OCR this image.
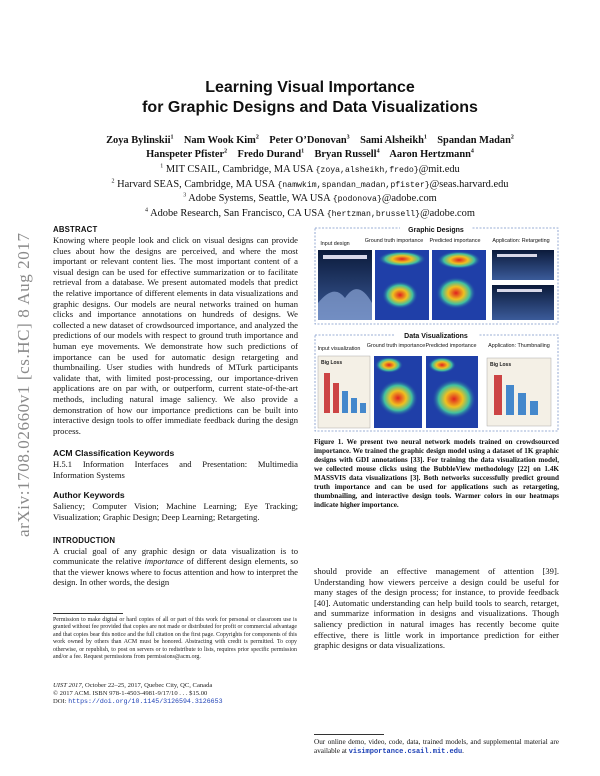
arXiv:1708.02660v1 [cs.HC] 8 Aug 2017
Learning Visual Importance
for Graphic Designs and Data Visualizations
Zoya Bylinskii$^1$ Nam Wook Kim$^2$ Peter O’Donovan$^3$ Sami Alsheikh$^1$ Spandan Madan$^2$
Hanspeter Pfister$^2$ Fredo Durand$^1$ Bryan Russell$^4$ Aaron Hertzmann$^4$
$^1$ MIT CSAIL, Cambridge, MA USA {zoya,alsheikh,fredo}@mit.edu
$^2$ Harvard SEAS, Cambridge, MA USA {namwkim,spandan_madan,pfister}@seas.harvard.edu
$^3$ Adobe Systems, Seattle, WA USA {podonova}@adobe.com
$^4$ Adobe Research, San Francisco, CA USA {hertzman,brussell}@adobe.com
ABSTRACT

Knowing where people look and click on visual designs can provide clues about how the designs are perceived, and where the most important or relevant content lies. The most important content of a visual design can be used for effective summarization or to facilitate retrieval from a database. We present automated models that predict the relative importance of different elements in data visualizations and graphic designs. Our models are neural networks trained on human clicks and importance annotations on hundreds of designs. We collected a new dataset of crowdsourced importance, and analyzed the predictions of our models with respect to ground truth importance and human eye movements. We demonstrate how such predictions of importance can be used for automatic design retargeting and thumbnailing. User studies with hundreds of MTurk participants validate that, with limited post-processing, our importance-driven applications are on par with, or outperform, current state-of-the-art methods, including natural image saliency. We also provide a demonstration of how our importance predictions can be built into interactive design tools to offer immediate feedback during the design process.

ACM Classification Keywords

H.5.1 Information Interfaces and Presentation: Multimedia Information Systems

Author Keywords

Saliency; Computer Vision; Machine Learning; Eye Tracking; Visualization; Graphic Design; Deep Learning; Retargeting.

INTRODUCTION

A crucial goal of any graphic design or data visualization is to communicate the relative importance of different design elements, so that the viewer knows where to focus attention and how to interpret the design. In other words, the design

Permission to make digital or hard copies of all or part of this work for personal or classroom use is granted without fee provided that copies are not made or distributed for profit or commercial advantage and that copies bear this notice and the full citation on the first page. Copyrights for components of this work owned by others than ACM must be honored. Abstracting with credit is permitted. To copy otherwise, or republish, to post on servers or to redistribute to lists, requires prior specific permission and/or a fee. Request permissions from permissions@acm.org.
UIST 2017, October 22–25, 2017, Quebec City, QC, Canada
© 2017 ACM. ISBN 978-1-4503-4981-9/17/10 . . . $15.00
DOI: https://doi.org/10.1145/3126594.3126653
Graphic Designs
Input design	Ground truth importance Predicted importance Application: Retargeting
Data Visualizations
Input visualization Ground truth importance Predicted importance Application: Thumbnailing
Big Loss	Big Loss
Figure 1. We present two neural network models trained on crowdsourced importance. We trained the graphic design model using a dataset of 1K graphic designs with GDI annotations [33]. For training the data visualization model, we collected mouse clicks using the BubbleView methodology [22] on 1.4K MASSVIS data visualizations [3]. Both networks successfully predict ground truth importance and can be used for applications such as retargeting, thumbnailing, and interactive design tools. Warmer colors in our heatmaps indicate higher importance.

should provide an effective management of attention [39]. Understanding how viewers perceive a design could be useful for many stages of the design process; for instance, to provide feedback [40]. Automatic understanding can help build tools to search, retarget, and summarize information in designs and visualizations. Though saliency prediction in natural images has recently become quite effective, there is little work in importance prediction for either graphic designs or data visualizations.

Our online demo, video, code, data, trained models, and supplemental material are available at visimportance.csail.mit.edu.
